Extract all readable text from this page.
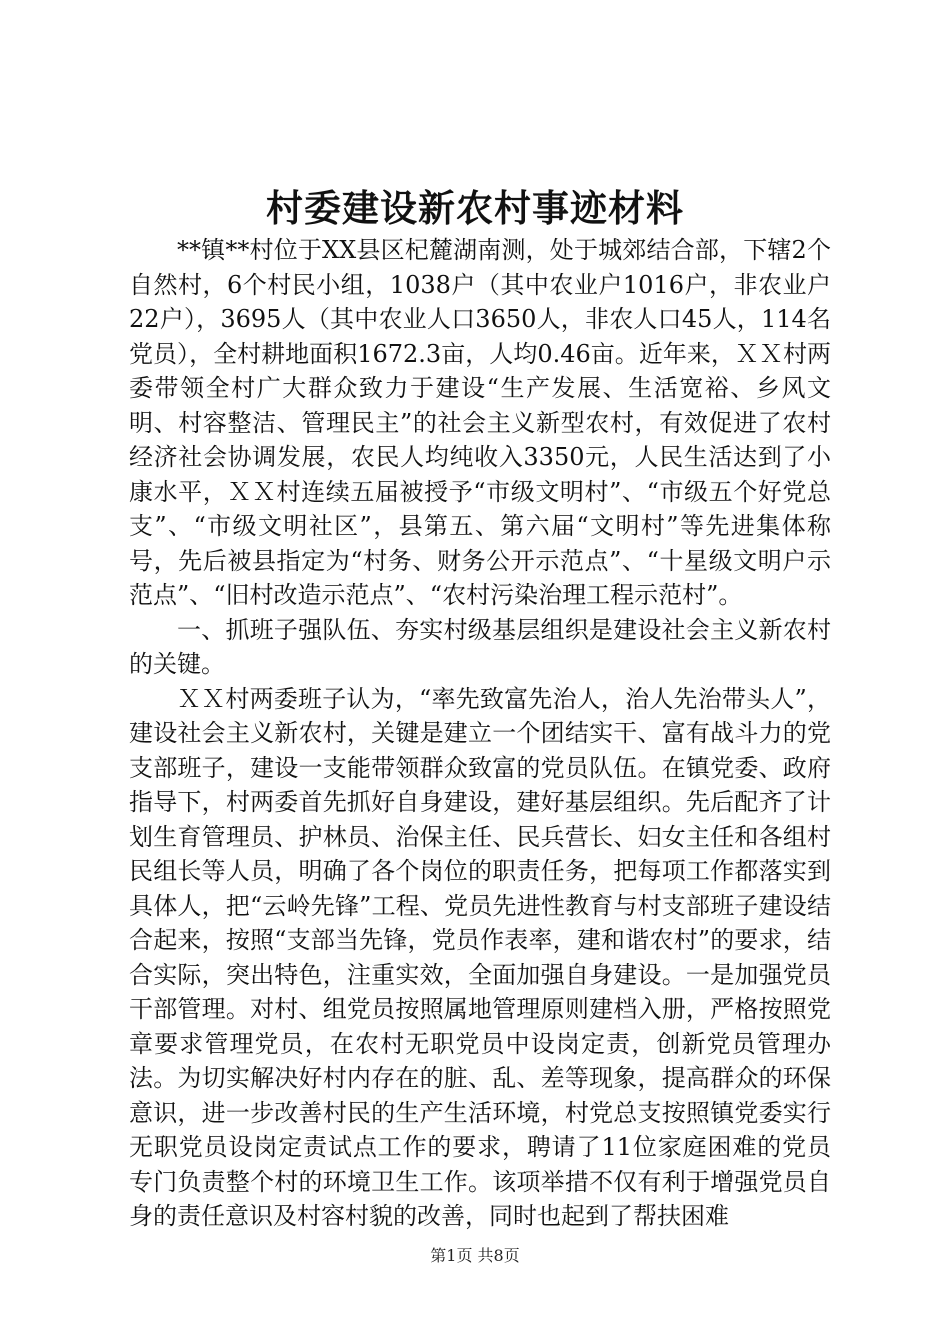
村委建设新农村事迹材料

**镇**村位于XX县区杞麓湖南测，处于城郊结合部，下辖2个自然村，6个村民小组，1038户（其中农业户1016户，非农业户22户），3695人（其中农业人口3650人，非农人口45人，114名党员），全村耕地面积1672.3亩，人均0.46亩。近年来，ＸＸ村两委带领全村广大群众致力于建设“生产发展、生活宽裕、乡风文明、村容整洁、管理民主”的社会主义新型农村，有效促进了农村经济社会协调发展，农民人均纯收入3350元，人民生活达到了小康水平，ＸＸ村连续五届被授予“市级文明村”、“市级五个好党总支”、“市级文明社区”，县第五、第六届“文明村”等先进集体称号，先后被县指定为“村务、财务公开示范点”、“十星级文明户示范点”、“旧村改造示范点”、“农村污染治理工程示范村”。

一、抓班子强队伍、夯实村级基层组织是建设社会主义新农村的关键。

ＸＸ村两委班子认为，“率先致富先治人，治人先治带头人”，建设社会主义新农村，关键是建立一个团结实干、富有战斗力的党支部班子，建设一支能带领群众致富的党员队伍。在镇党委、政府指导下，村两委首先抓好自身建设，建好基层组织。先后配齐了计划生育管理员、护林员、治保主任、民兵营长、妇女主任和各组村民组长等人员，明确了各个岗位的职责任务，把每项工作都落实到具体人，把“云岭先锋”工程、党员先进性教育与村支部班子建设结合起来，按照“支部当先锋，党员作表率，建和谐农村”的要求，结合实际，突出特色，注重实效，全面加强自身建设。一是加强党员干部管理。对村、组党员按照属地管理原则建档入册，严格按照党章要求管理党员，在农村无职党员中设岗定责，创新党员管理办法。为切实解决好村内存在的脏、乱、差等现象，提高群众的环保意识，进一步改善村民的生产生活环境，村党总支按照镇党委实行无职党员设岗定责试点工作的要求，聘请了11位家庭困难的党员专门负责整个村的环境卫生工作。该项举措不仅有利于增强党员自身的责任意识及村容村貌的改善，同时也起到了帮扶困难

第1页 共8页
